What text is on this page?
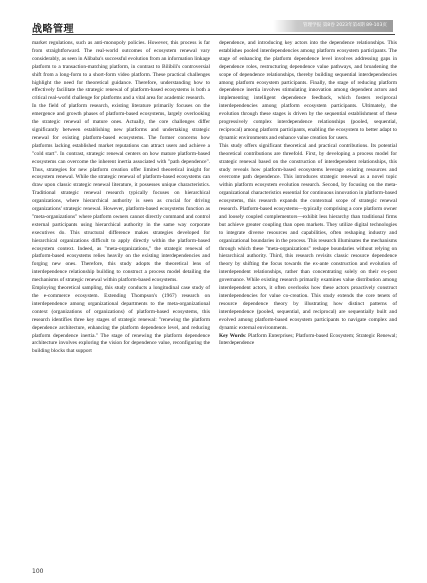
战略管理	管理学报 第8卷 2023年第4期 89-103页

market regulations, such as anti-monopoly policies. However, this process is far from straightforward. The real-world outcomes of ecosystem renewal vary considerably, as seen in Alibaba's successful evolution from an information linkage platform to a transaction-matching platform, in contrast to Bilibili's controversial shift from a long-form to a short-form video platform. These practical challenges highlight the need for theoretical guidance. Therefore, understanding how to effectively facilitate the strategic renewal of platform-based ecosystems is both a critical real-world challenge for platforms and a vital area for academic research.

In the field of platform research, existing literature primarily focuses on the emergence and growth phases of platform-based ecosystems, largely overlooking the strategic renewal of mature ones. Actually, the core challenges differ significantly between establishing new platforms and undertaking strategic renewal for existing platform-based ecosystems. The former concerns how platforms lacking established market reputations can attract users and achieve a "cold start". In contrast, strategic renewal centers on how mature platform-based ecosystems can overcome the inherent inertia associated with "path dependence". Thus, strategies for new platform creation offer limited theoretical insight for ecosystem renewal. While the strategic renewal of platform-based ecosystems can draw upon classic strategic renewal literature, it possesses unique characteristics. Traditional strategic renewal research typically focuses on hierarchical organizations, where hierarchical authority is seen as crucial for driving organizations' strategic renewal. However, platform-based ecosystems function as "meta-organizations" where platform owners cannot directly command and control external participants using hierarchical authority in the same way corporate executives do. This structural difference makes strategies developed for hierarchical organizations difficult to apply directly within the platform-based ecosystem context. Indeed, as "meta-organizations," the strategic renewal of platform-based ecosystems relies heavily on the existing interdependencies and forging new ones. Therefore, this study adopts the theoretical lens of interdependence relationship building to construct a process model detailing the mechanisms of strategic renewal within platform-based ecosystems.

Employing theoretical sampling, this study conducts a longitudinal case study of the e-commerce ecosystem. Extending Thompson's (1967) research on interdependence among organizational departments to the meta-organizational context (organizations of organizations) of platform-based ecosystems, this research identifies three key stages of strategic renewal: "renewing the platform dependence architecture, enhancing the platform dependence level, and reducing platform dependence inertia." The stage of renewing the platform dependence architecture involves exploring the vision for dependence value, reconfiguring the building blocks that support

dependence, and introducing key actors into the dependence relationships. This establishes pooled interdependencies among platform ecosystem participants. The stage of enhancing the platform dependence level involves addressing gaps in dependence roles, restructuring dependence value pathways, and broadening the scope of dependence relationships, thereby building sequential interdependencies among platform ecosystem participants. Finally, the stage of reducing platform dependence inertia involves stimulating innovation among dependent actors and implementing intelligent dependence feedback, which fosters reciprocal interdependencies among platform ecosystem participants. Ultimately, the evolution through these stages is driven by the sequential establishment of these progressively complex interdependence relationships (pooled, sequential, reciprocal) among platform participants, enabling the ecosystem to better adapt to dynamic environments and enhance value creation for users.

This study offers significant theoretical and practical contributions. Its potential theoretical contributions are threefold. First, by developing a process model for strategic renewal based on the construction of interdependent relationships, this study reveals how platform-based ecosystems leverage existing resources and overcome path dependence. This introduces strategic renewal as a novel topic within platform ecosystem evolution research. Second, by focusing on the meta-organizational characteristics essential for continuous innovation in platform-based ecosystems, this research expands the contextual scope of strategic renewal research. Platform-based ecosystems—typically comprising a core platform owner and loosely coupled complementors—exhibit less hierarchy than traditional firms but achieve greater coupling than open markets. They utilize digital technologies to integrate diverse resources and capabilities, often reshaping industry and organizational boundaries in the process. This research illuminates the mechanisms through which these "meta-organizations" reshape boundaries without relying on hierarchical authority. Third, this research revisits classic resource dependence theory by shifting the focus towards the ex-ante construction and evolution of interdependent relationships, rather than concentrating solely on their ex-post governance. While existing research primarily examines value distribution among interdependent actors, it often overlooks how these actors proactively construct interdependencies for value co-creation. This study extends the core tenets of resource dependence theory by illustrating how distinct patterns of interdependence (pooled, sequential, and reciprocal) are sequentially built and evolved among platform-based ecosystem participants to navigate complex and dynamic external environments.

Key Words: Platform Enterprises; Platform-based Ecosystem; Strategic Renewal; Interdependence

100
